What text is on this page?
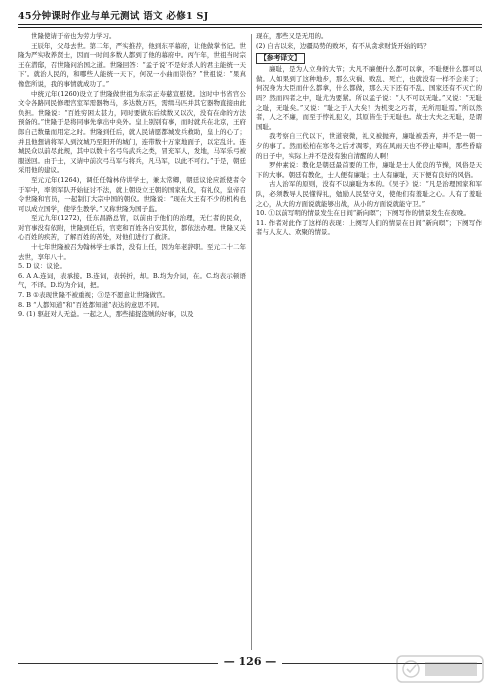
45分钟课时作业与单元测试 语文 必修1 SJ

世隆使请于帝也为劳力学习。

王辰年，父母去世。第二年，严实推荐，他到东平幕府，让他做掌书记。世隆为严实收养贤士，因而一时间多数人都到了他的幕府中。丙午年，世祖当时宗王在潜邸，召世隆问治国之道。世隆回答：“孟子说‘不是好杀人的君主能统一天下’。就治人民的，和哪些人能统一天下，何况一小曲而崇伤？”世祖说：“果真像您所说，我的事情就成功了。”

中统元年(1260)设立了世隆做世祖为东宗正寿慈宣慰使。这时中书省官公文令各路同民修理宫室军需器物马，多达数万匹，需缉马匹并其它器物直接由此负担。世隆说：“百姓穷困太甚力，同时要做东后续数又以次，没有在命的方法预备的。”世隆于是将同事先拿出中央外。皇上别别有事，而时就兵在北京，王府郎自己数量而用定之时。世隆到任后，就人民请愿都城发兵救助，皇上的心了；并且他想请将军人到汶城乃至阳开的城门，连带数十万家地面子，以定乱计。连城民众以前尽此规，其中以数十名弓鸟武兵之类，冒充军人，发地，马军乐弓被服送回。由于士，又请中前次弓马军与将兵，凡马军，以此不可行。”于是，朝廷采用他的建议。

至元元年(1264)，调任任翰林侍讲学士，兼太常卿，朝廷议论应派使者令于军中，率领军队开始征讨不法，就上朝设立王朝的国家礼仪，有礼仪，皇帝召令世隆和官员，一起制订大宗中国的朝仪。世隆说：“现在大王有不少的机构也可以成立国学，使学生教学。”又称世隆为国子监。

至元九年(1272)，任东昌路总管，以前由于他们的治理，无仁者的民众，对官事没有依附，世隆到任后，官吏和百姓各自安其位，都依法办理。世隆又关心百姓的疾苦，了解百姓的苦处，对他们进行了救济。

十七年世隆被召为翰林学士承旨，没有上任，因为年老辞职。至元二十二年去世，享年八十。

5. D 议：议论。

6. A A.连词，表承接。B.连词，表转折，却。B.均为介词，在。C.均表示顿语气，不译。D.均为介词，把。

7. B ①表现世隆不被重视；③是不愿意让世隆做官。

8. B “人都知道”和“百姓都知道”表达的意思不同。

9. (1) 驱赶对人无益。一起之人，那些捕捉盗贼的好事，以及

现在，那些又是无用的。

(2) 自古以来，边疆局势的败坏，有不从贪求财货开始的吗？

【参考译文】

廉耻，是为人立身的大节；大凡不廉便什么都可以拿，不耻便什么都可以做。人如果到了这种地步，那么灾祸、败乱、死亡，也就没有一样不会来了；何况身为大臣而什么都拿，什么都做，那么天下还有不乱、国家还有不灭亡的吗？然而四者之中，耻尤为要紧。所以孟子说：“人不可以无耻。”又说：“无耻之耻，无耻矣。”又说：“耻之于人大矣！为机变之巧者，无所用耻焉。”所以然者，人之不廉，而至于悖礼犯义，其原皆生于无耻也。故士大夫之无耻，是谓国耻。

我考察自三代以下，世道衰微，礼义被抛弃，廉耻被丢弃，并不是一朝一夕的事了。然而松柏在寒冬之后才凋零，鸡在风雨天也不停止啼叫，那些昏暗的日子中，实际上并不是没有独自清醒的人啊！

罗仲素说：教化是朝廷最首要的工作，廉耻是士人优良的节操，风俗是天下的大事。朝廷有教化，士人便有廉耻；士人有廉耻，天下便有良好的风俗。

古人治军的原则，没有不以廉耻为本的。《吴子》说：“凡是治理国家和军队，必须教导人民懂得礼，勉励人民坚守义，使他们有羞耻之心。人有了羞耻之心，从大的方面说就能够出战，从小的方面说就能守卫。”

10. ①以前写明的情景发生在日间“新向暝”；下阕写作的情景发生在夜晚。

11. 作者对此作了这样的表现：上阕写人们的情景在日间“新向暝”；下阕写作者与人友人、欢聚的情景。

— 126 —
